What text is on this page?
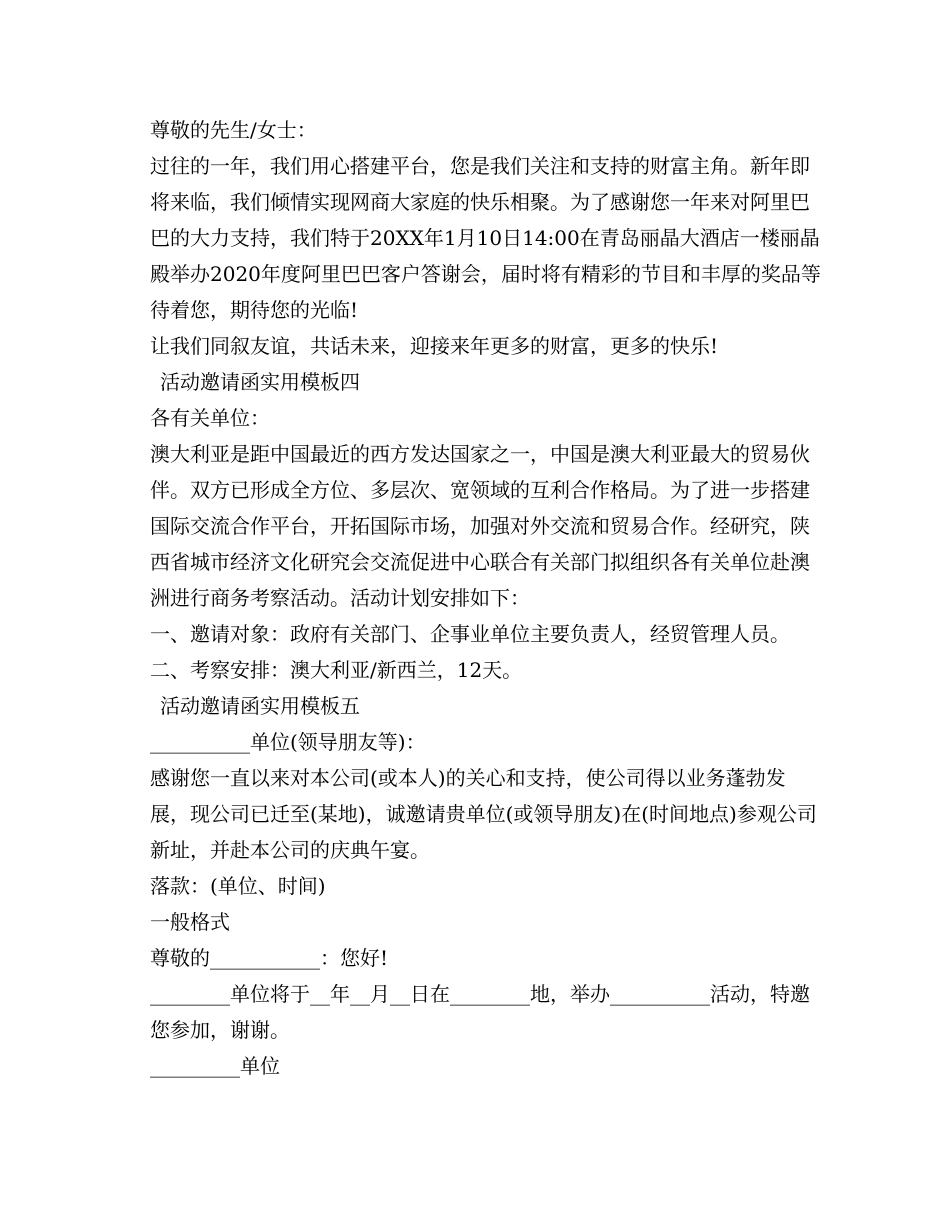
尊敬的先生/女士：

过往的一年，我们用心搭建平台，您是我们关注和支持的财富主角。新年即将来临，我们倾情实现网商大家庭的快乐相聚。为了感谢您一年来对阿里巴巴的大力支持，我们特于20XX年1月10日14:00在青岛丽晶大酒店一楼丽晶殿举办2020年度阿里巴巴客户答谢会，届时将有精彩的节目和丰厚的奖品等待着您，期待您的光临!

让我们同叙友谊，共话未来，迎接来年更多的财富，更多的快乐!

活动邀请函实用模板四

各有关单位：

澳大利亚是距中国最近的西方发达国家之一，中国是澳大利亚最大的贸易伙伴。双方已形成全方位、多层次、宽领域的互利合作格局。为了进一步搭建国际交流合作平台，开拓国际市场，加强对外交流和贸易合作。经研究，陕西省城市经济文化研究会交流促进中心联合有关部门拟组织各有关单位赴澳洲进行商务考察活动。活动计划安排如下：

一、邀请对象：政府有关部门、企事业单位主要负责人，经贸管理人员。

二、考察安排：澳大利亚/新西兰，12天。

活动邀请函实用模板五

__________单位(领导朋友等)：

感谢您一直以来对本公司(或本人)的关心和支持，使公司得以业务蓬勃发展，现公司已迁至(某地)，诚邀请贵单位(或领导朋友)在(时间地点)参观公司新址，并赴本公司的庆典午宴。

落款：(单位、时间)

一般格式

尊敬的___________：您好!

________单位将于__年__月__日在________地，举办__________活动，特邀您参加，谢谢。

_________单位
